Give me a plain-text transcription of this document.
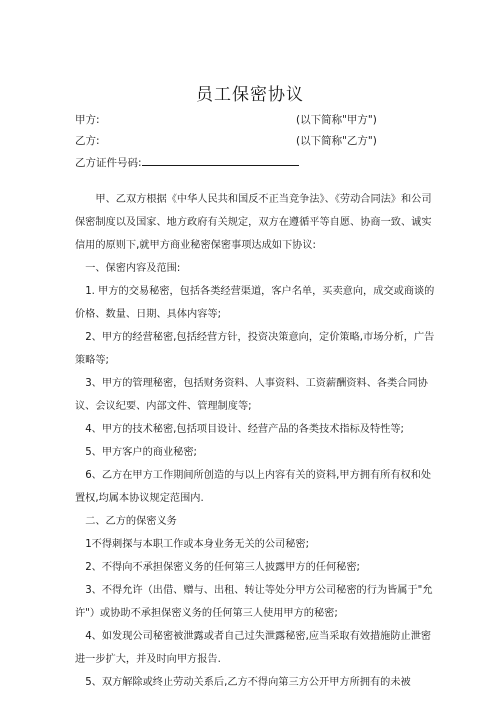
员工保密协议
甲方:	(以下简称"甲方")
乙方:	(以下简称"乙方")
乙方证件号码:

甲、乙双方根据《中华人民共和国反不正当竞争法》、《劳动合同法》和公司保密制度以及国家、地方政府有关规定，双方在遵循平等自愿、协商一致、诚实信用的原则下,就甲方商业秘密保密事项达成如下协议:

一、保密内容及范围:

1. 甲方的交易秘密，包括各类经营渠道，客户名单，买卖意向，成交或商谈的价格、数量、日期、具体内容等;

2、甲方的经营秘密,包括经营方针，投资决策意向，定价策略,市场分析，广告策略等;

3、甲方的管理秘密，包括财务资料、人事资料、工资薪酬资料、各类合同协议、会议纪要、内部文件、管理制度等;

4、甲方的技术秘密,包括项目设计、经营产品的各类技术指标及特性等;

5、甲方客户的商业秘密;

6、乙方在甲方工作期间所创造的与以上内容有关的资料,甲方拥有所有权和处置权,均属本协议规定范围内.

二、乙方的保密义务

1不得刺探与本职工作或本身业务无关的公司秘密;

2、不得向不承担保密义务的任何第三人披露甲方的任何秘密;

3、不得允许（出借、赠与、出租、转让等处分甲方公司秘密的行为皆属于"允许"）或协助不承担保密义务的任何第三人使用甲方的秘密;

4、如发现公司秘密被泄露或者自己过失泄露秘密,应当采取有效措施防止泄密进一步扩大，并及时向甲方报告.

5、双方解除或终止劳动关系后,乙方不得向第三方公开甲方所拥有的未被
